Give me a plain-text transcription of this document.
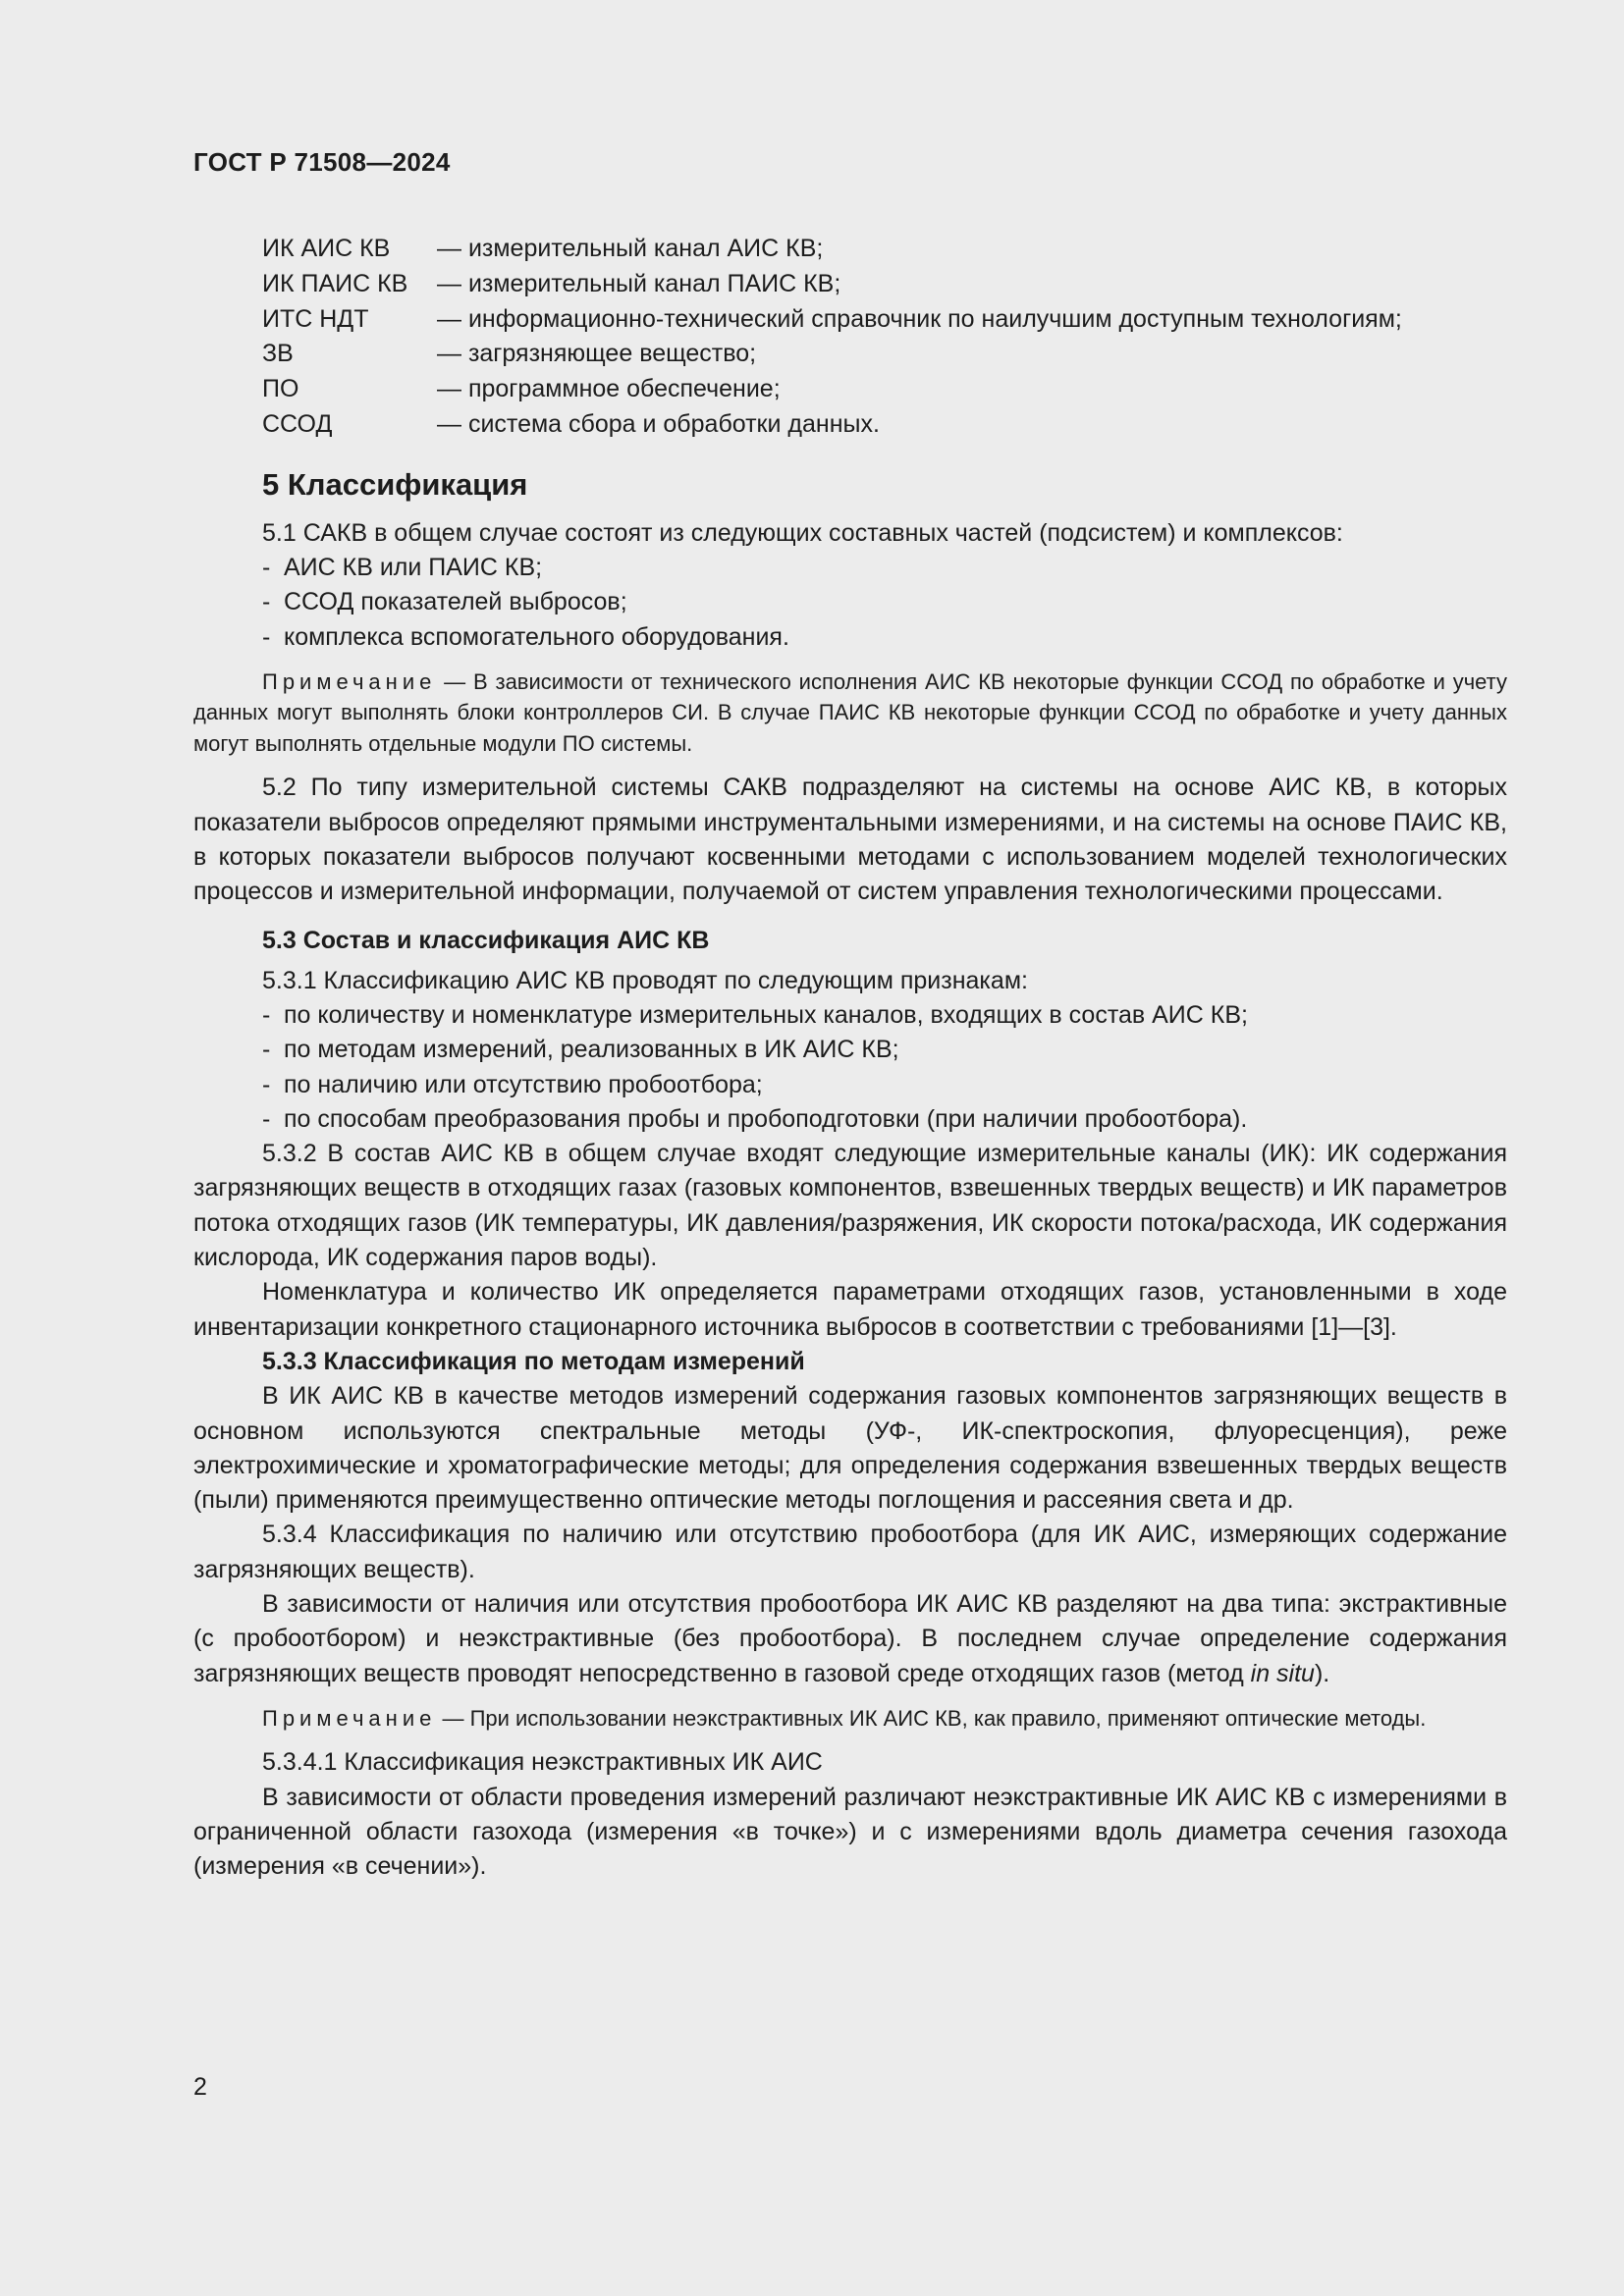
ГОСТ Р 71508—2024
ИК АИС КВ	— измерительный канал АИС КВ;
ИК ПАИС КВ	— измерительный канал ПАИС КВ;
ИТС НДТ	— информационно-технический справочник по наилучшим доступным технологиям;
ЗВ	— загрязняющее вещество;
ПО	— программное обеспечение;
ССОД	— система сбора и обработки данных.
5 Классификация

5.1 САКВ в общем случае состоят из следующих составных частей (подсистем) и комплексов:

- АИС КВ или ПАИС КВ;
- ССОД показателей выбросов;
- комплекса вспомогательного оборудования.

Примечание — В зависимости от технического исполнения АИС КВ некоторые функции ССОД по обработке и учету данных могут выполнять блоки контроллеров СИ. В случае ПАИС КВ некоторые функции ССОД по обработке и учету данных могут выполнять отдельные модули ПО системы.

5.2 По типу измерительной системы САКВ подразделяют на системы на основе АИС КВ, в которых показатели выбросов определяют прямыми инструментальными измерениями, и на системы на основе ПАИС КВ, в которых показатели выбросов получают косвенными методами с использованием моделей технологических процессов и измерительной информации, получаемой от систем управления технологическими процессами.

5.3 Состав и классификация АИС КВ

5.3.1 Классификацию АИС КВ проводят по следующим признакам:

- по количеству и номенклатуре измерительных каналов, входящих в состав АИС КВ;
- по методам измерений, реализованных в ИК АИС КВ;
- по наличию или отсутствию пробоотбора;
- по способам преобразования пробы и пробоподготовки (при наличии пробоотбора).

5.3.2 В состав АИС КВ в общем случае входят следующие измерительные каналы (ИК): ИК содержания загрязняющих веществ в отходящих газах (газовых компонентов, взвешенных твердых веществ) и ИК параметров потока отходящих газов (ИК температуры, ИК давления/разряжения, ИК скорости потока/расхода, ИК содержания кислорода, ИК содержания паров воды).

Номенклатура и количество ИК определяется параметрами отходящих газов, установленными в ходе инвентаризации конкретного стационарного источника выбросов в соответствии с требованиями [1]—[3].

5.3.3 Классификация по методам измерений

В ИК АИС КВ в качестве методов измерений содержания газовых компонентов загрязняющих веществ в основном используются спектральные методы (УФ-, ИК-спектроскопия, флуоресценция), реже электрохимические и хроматографические методы; для определения содержания взвешенных твердых веществ (пыли) применяются преимущественно оптические методы поглощения и рассеяния света и др.

5.3.4 Классификация по наличию или отсутствию пробоотбора (для ИК АИС, измеряющих содержание загрязняющих веществ).

В зависимости от наличия или отсутствия пробоотбора ИК АИС КВ разделяют на два типа: экстрактивные (с пробоотбором) и неэкстрактивные (без пробоотбора). В последнем случае определение содержания загрязняющих веществ проводят непосредственно в газовой среде отходящих газов (метод in situ).

Примечание — При использовании неэкстрактивных ИК АИС КВ, как правило, применяют оптические методы.

5.3.4.1 Классификация неэкстрактивных ИК АИС

В зависимости от области проведения измерений различают неэкстрактивные ИК АИС КВ с измерениями в ограниченной области газохода (измерения «в точке») и с измерениями вдоль диаметра сечения газохода (измерения «в сечении»).

2
